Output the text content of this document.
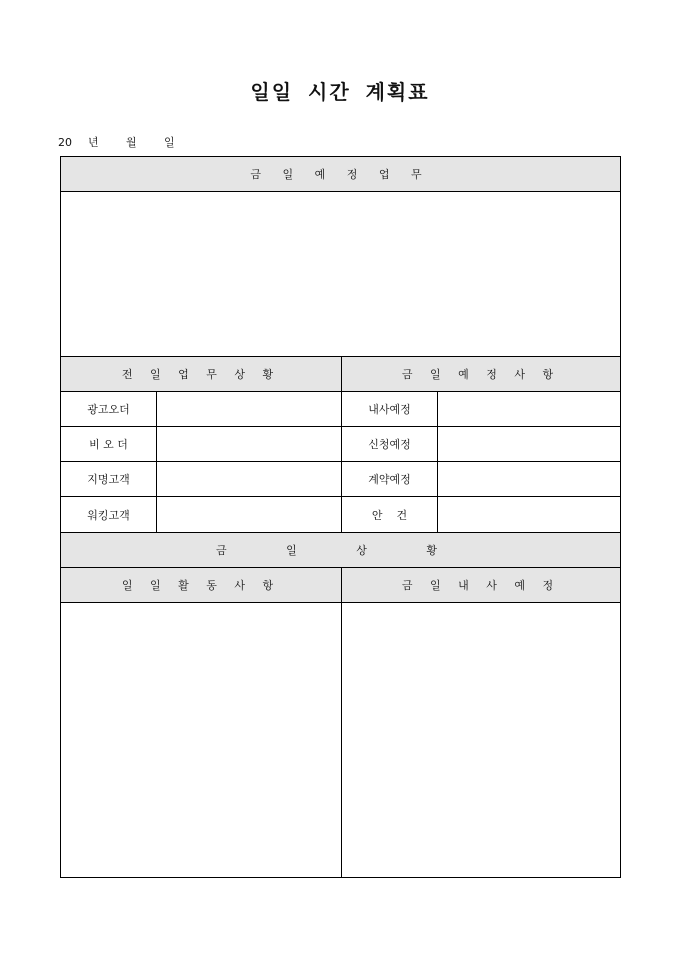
일일 시간 계획표
20 년 월 일
금 일 예 정 업 무
전 일 업 무 상 황	금 일 예 정 사 항
광고오더	내사예정
비 오 더	신청예정
지명고객	계약예정
워킹고객	안    건
금 일 상 황
일 일 활 동 사 항	금 일 내 사 예 정
